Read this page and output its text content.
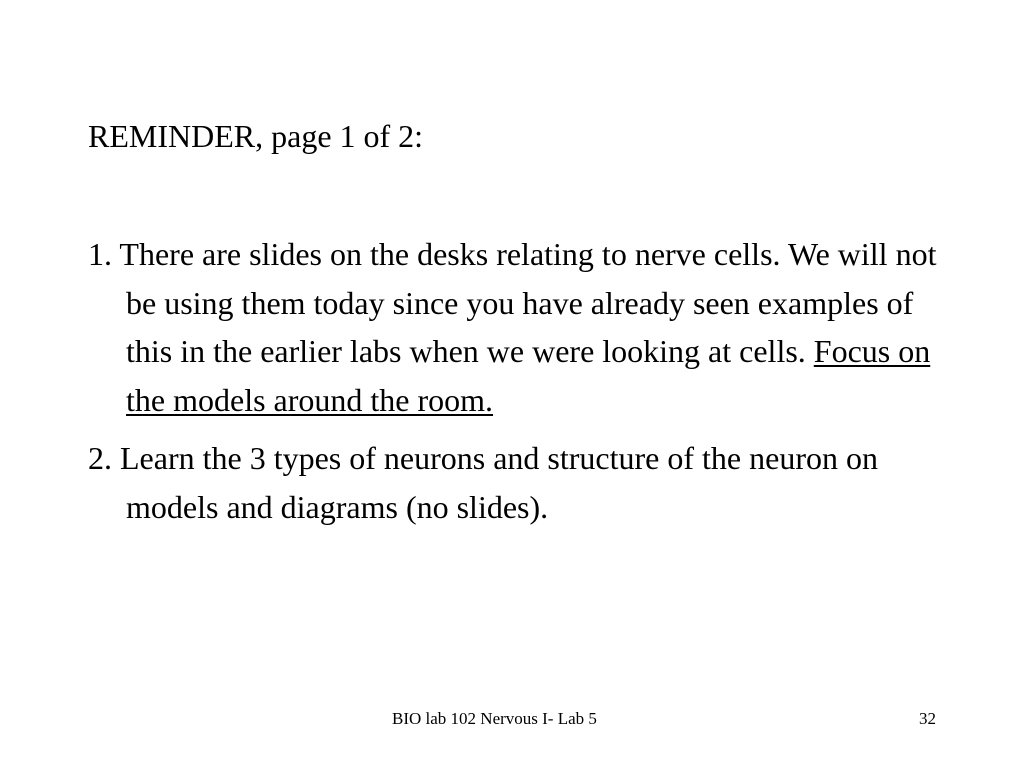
REMINDER, page 1 of 2:
1. There are slides on the desks relating to nerve cells. We will not be using them today since you have already seen examples of this in the earlier labs when we were looking at cells. Focus on the models around the room.
2. Learn the 3 types of neurons and structure of the neuron on models and diagrams (no slides).
BIO lab 102 Nervous I- Lab 5	32
